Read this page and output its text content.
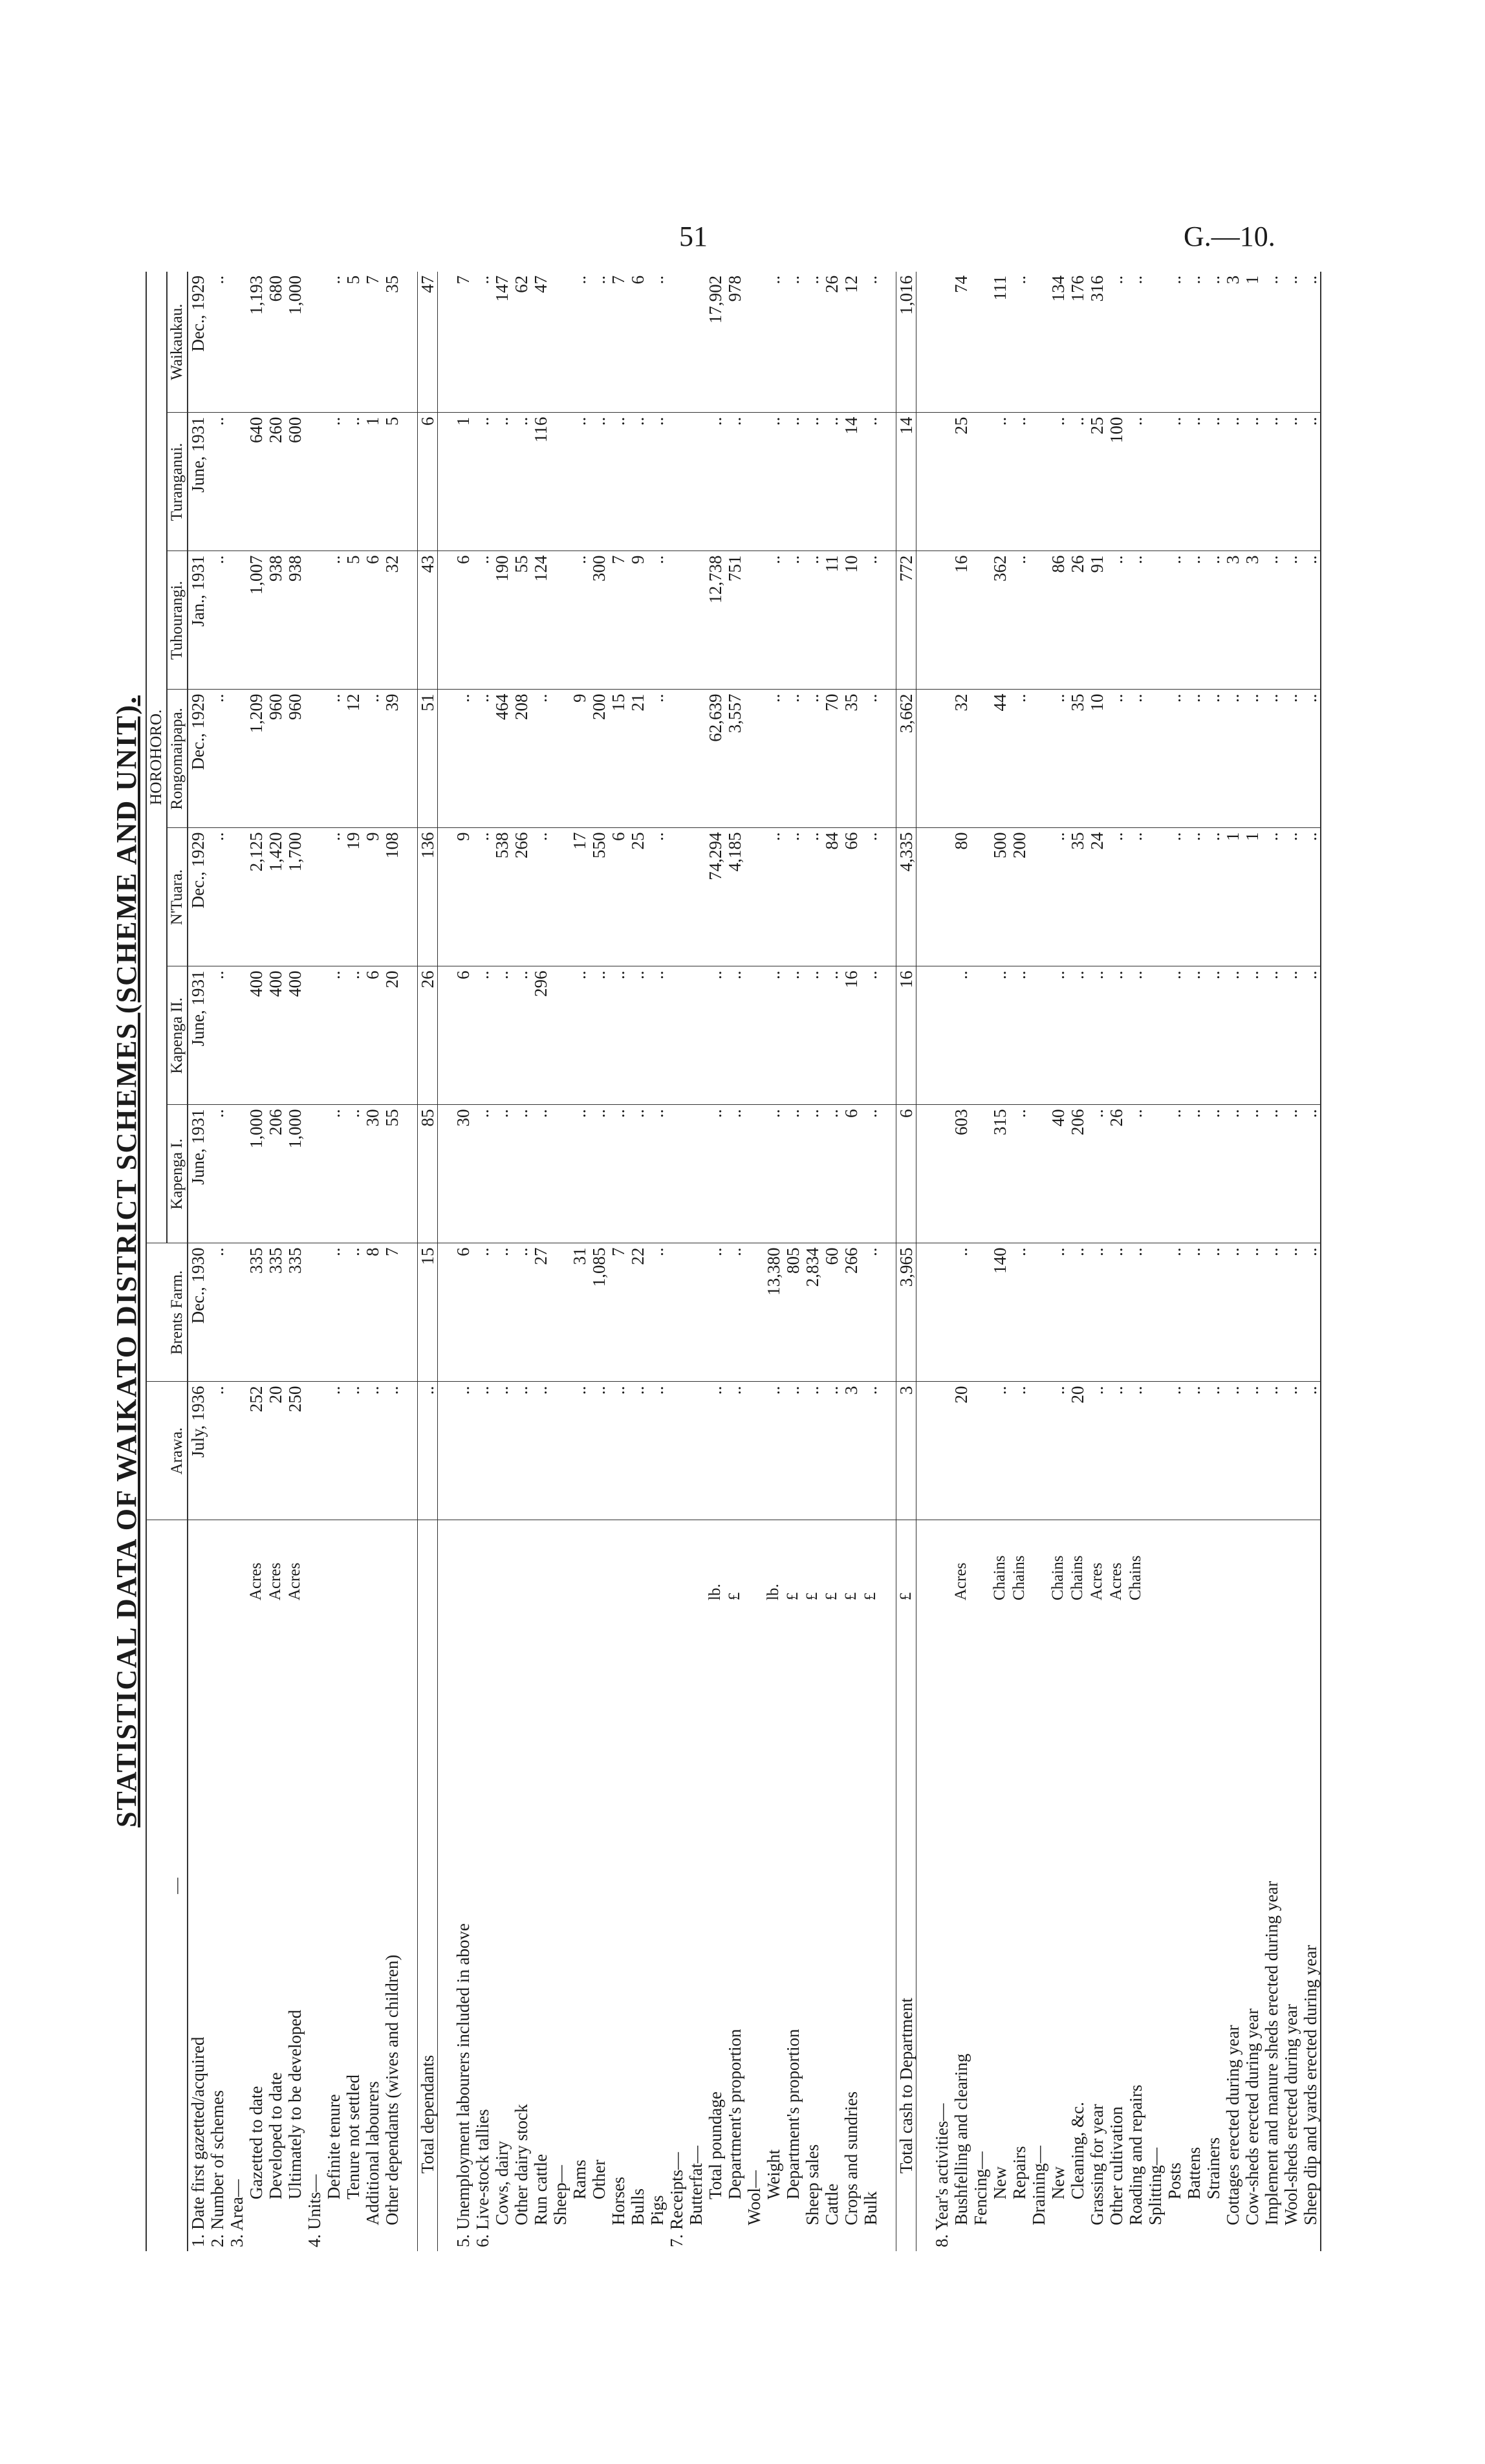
51	G.—10.
STATISTICAL DATA OF WAIKATO DISTRICT SCHEMES (SCHEME AND UNIT).
—		Arawa.	Brents Farm.	HOROHORO.						
				Kapenga I.	Kapenga II.	N'Tuara.	Rongomaipapa.	Tuhourangi.	Turanganui.	Waikaukau.
1. Date first gazetted/acquired		July, 1936	Dec., 1930	June, 1931	June, 1931	Dec., 1929	Dec., 1929	Jan., 1931	June, 1931	Dec., 1929
2. Number of schemes		..	..	..	..	..	..	..	..	..
3. Area—										
Gazetted to date	Acres	252	335	1,000	400	2,125	1,209	1,007	640	1,193
Developed to date	Acres	20	335	206	400	1,420	960	938	260	680
Ultimately to be developed	Acres	250	335	1,000	400	1,700	960	938	600	1,000
4. Units—										
Definite tenure		..	..	..	..	..	..	..	..	..
Tenure not settled		..	..	..	..	19	12	5	..	5
Additional labourers		..	8	30	6	9	..	6	1	7
Other dependants (wives and children)		..	7	55	20	108	39	32	5	35

Total dependants		..	15	85	26	136	51	43	6	47

5. Unemployment labourers included in above		..	6	30	6	9	..	6	1	7
6. Live-stock tallies		..	..	..	..	..	..	..	..	..
Cows, dairy		..	..	..	..	538	464	190	..	147
Other dairy stock		..	..	..	..	266	208	55	..	62
Run cattle		..	27	..	296	..	..	124	116	47
Sheep—										
Rams		..	31	..	..	17	9	..	..	..
Other		..	1,085	..	..	550	200	300	..	..
Horses		..	7	..	..	6	15	7	..	7
Bulls		..	22	..	..	25	21	9	..	6
Pigs		..	..	..	..	..	..	..	..	..
7. Receipts—										
Butterfat—										
Total poundage	lb.	..	..	..	..	74,294	62,639	12,738	..	17,902
Department's proportion	£	..	..	..	..	4,185	3,557	751	..	978
Wool—										
Weight	lb.	..	13,380	..	..	..	..	..	..	..
Department's proportion	£	..	805	..	..	..	..	..	..	..
Sheep sales	£	..	2,834	..	..	..	..	..	..	..
Cattle	£	..	60	..	..	84	70	11	..	26
Crops and sundries	£	3	266	6	16	66	35	10	14	12
Bulk	£	..	..	..	..	..	..	..	..	..

Total cash to Department	£	3	3,965	6	16	4,335	3,662	772	14	1,016

8. Year's activities—										
Bushfelling and clearing	Acres	20	..	603	..	80	32	16	25	74
Fencing—										
New	Chains	..	140	315	..	500	44	362	..	111
Repairs	Chains	..	..	..	..	200	..	..	..	..
Draining—										
New	Chains	..	..	40	..	..	..	86	..	134
Cleaning, &c.	Chains	20	..	206	..	35	35	26	..	176
Grassing for year	Acres	..	..	..	..	24	10	91	25	316
Other cultivation	Acres	..	..	26	..	..	..	..	100	..
Roading and repairs	Chains	..	..	..	..	..	..	..	..	..
Splitting—										
Posts		..	..	..	..	..	..	..	..	..
Battens		..	..	..	..	..	..	..	..	..
Strainers		..	..	..	..	..	..	..	..	..
Cottages erected during year		..	..	..	..	1	..	3	..	3
Cow-sheds erected during year		..	..	..	..	1	..	3	..	1
Implement and manure sheds erected during year		..	..	..	..	..	..	..	..	..
Wool-sheds erected during year		..	..	..	..	..	..	..	..	..
Sheep dip and yards erected during year		..	..	..	..	..	..	..	..	..
